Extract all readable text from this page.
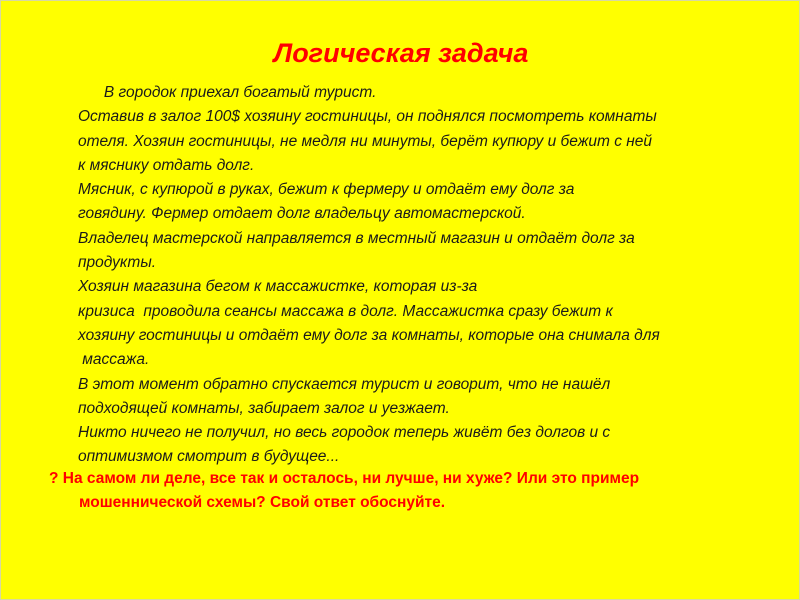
Логическая задача
В городок приехал богатый турист.
Оставив в залог 100$ хозяину гостиницы, он поднялся посмотреть комнаты
отеля. Хозяин гостиницы, не медля ни минуты, берёт купюру и бежит с ней
к мяснику отдать долг.
Мясник, с купюрой в руках, бежит к фермеру и отдаёт ему долг за
говядину. Фермер отдает долг владельцу автомастерской.
Владелец мастерской направляется в местный магазин и отдаёт долг за
продукты.
Хозяин магазина бегом к массажистке, которая из-за
кризиса  проводила сеансы массажа в долг. Массажистка сразу бежит к
хозяину гостиницы и отдаёт ему долг за комнаты, которые она снимала для
массажа.
В этот момент обратно спускается турист и говорит, что не нашёл
подходящей комнаты, забирает залог и уезжает.
Никто ничего не получил, но весь городок теперь живёт без долгов и с
оптимизмом смотрит в будущее...
? На самом ли деле, все так и осталось, ни лучше, ни хуже? Или это пример
мошеннической схемы? Свой ответ обоснуйте.
